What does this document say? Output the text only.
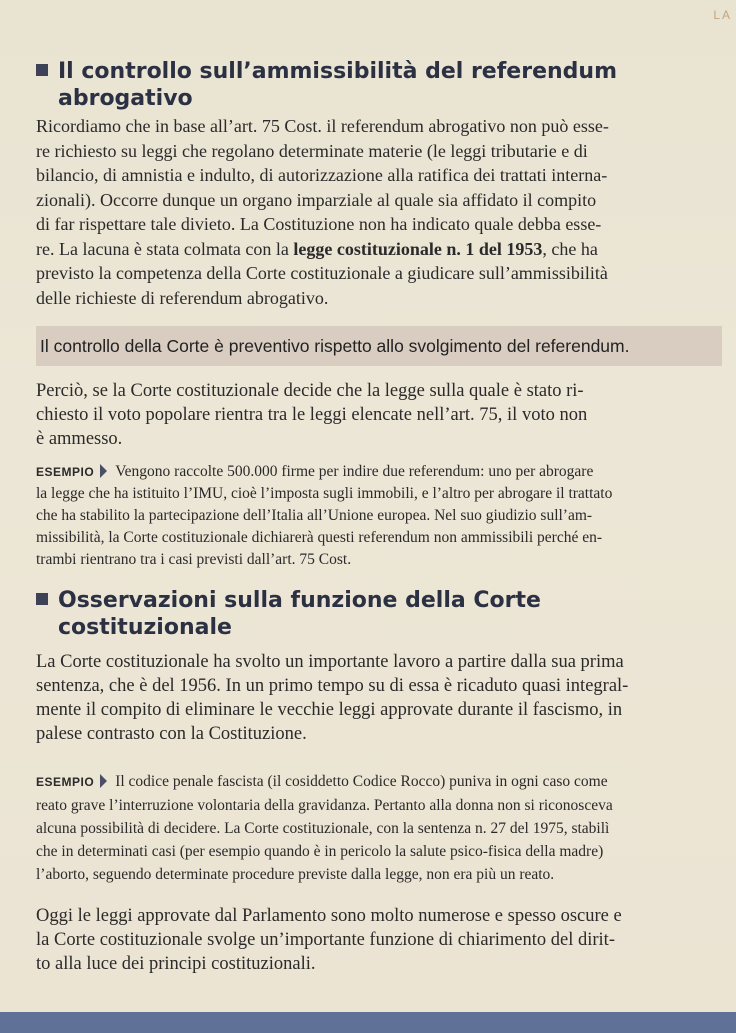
LA
Il controllo sull’ammissibilità del referendum
abrogativo
Ricordiamo che in base all’art. 75 Cost. il referendum abrogativo non può esse-
re richiesto su leggi che regolano determinate materie (le leggi tributarie e di
bilancio, di amnistia e indulto, di autorizzazione alla ratifica dei trattati interna-
zionali). Occorre dunque un organo imparziale al quale sia affidato il compito
di far rispettare tale divieto. La Costituzione non ha indicato quale debba esse-
re. La lacuna è stata colmata con la legge costituzionale n. 1 del 1953, che ha
previsto la competenza della Corte costituzionale a giudicare sull’ammissibilità
delle richieste di referendum abrogativo.
Il controllo della Corte è preventivo rispetto allo svolgimento del referendum.
Perciò, se la Corte costituzionale decide che la legge sulla quale è stato ri-
chiesto il voto popolare rientra tra le leggi elencate nell’art. 75, il voto non
è ammesso.
ESEMPIO Vengono raccolte 500.000 firme per indire due referendum: uno per abrogare
la legge che ha istituito l’IMU, cioè l’imposta sugli immobili, e l’altro per abrogare il trattato
che ha stabilito la partecipazione dell’Italia all’Unione europea. Nel suo giudizio sull’am-
missibilità, la Corte costituzionale dichiarerà questi referendum non ammissibili perché en-
trambi rientrano tra i casi previsti dall’art. 75 Cost.
Osservazioni sulla funzione della Corte
costituzionale
La Corte costituzionale ha svolto un importante lavoro a partire dalla sua prima
sentenza, che è del 1956. In un primo tempo su di essa è ricaduto quasi integral-
mente il compito di eliminare le vecchie leggi approvate durante il fascismo, in
palese contrasto con la Costituzione.
ESEMPIO Il codice penale fascista (il cosiddetto Codice Rocco) puniva in ogni caso come
reato grave l’interruzione volontaria della gravidanza. Pertanto alla donna non si riconosceva
alcuna possibilità di decidere. La Corte costituzionale, con la sentenza n. 27 del 1975, stabilì
che in determinati casi (per esempio quando è in pericolo la salute psico-fisica della madre)
l’aborto, seguendo determinate procedure previste dalla legge, non era più un reato.
Oggi le leggi approvate dal Parlamento sono molto numerose e spesso oscure e
la Corte costituzionale svolge un’importante funzione di chiarimento del dirit-
to alla luce dei principi costituzionali.
